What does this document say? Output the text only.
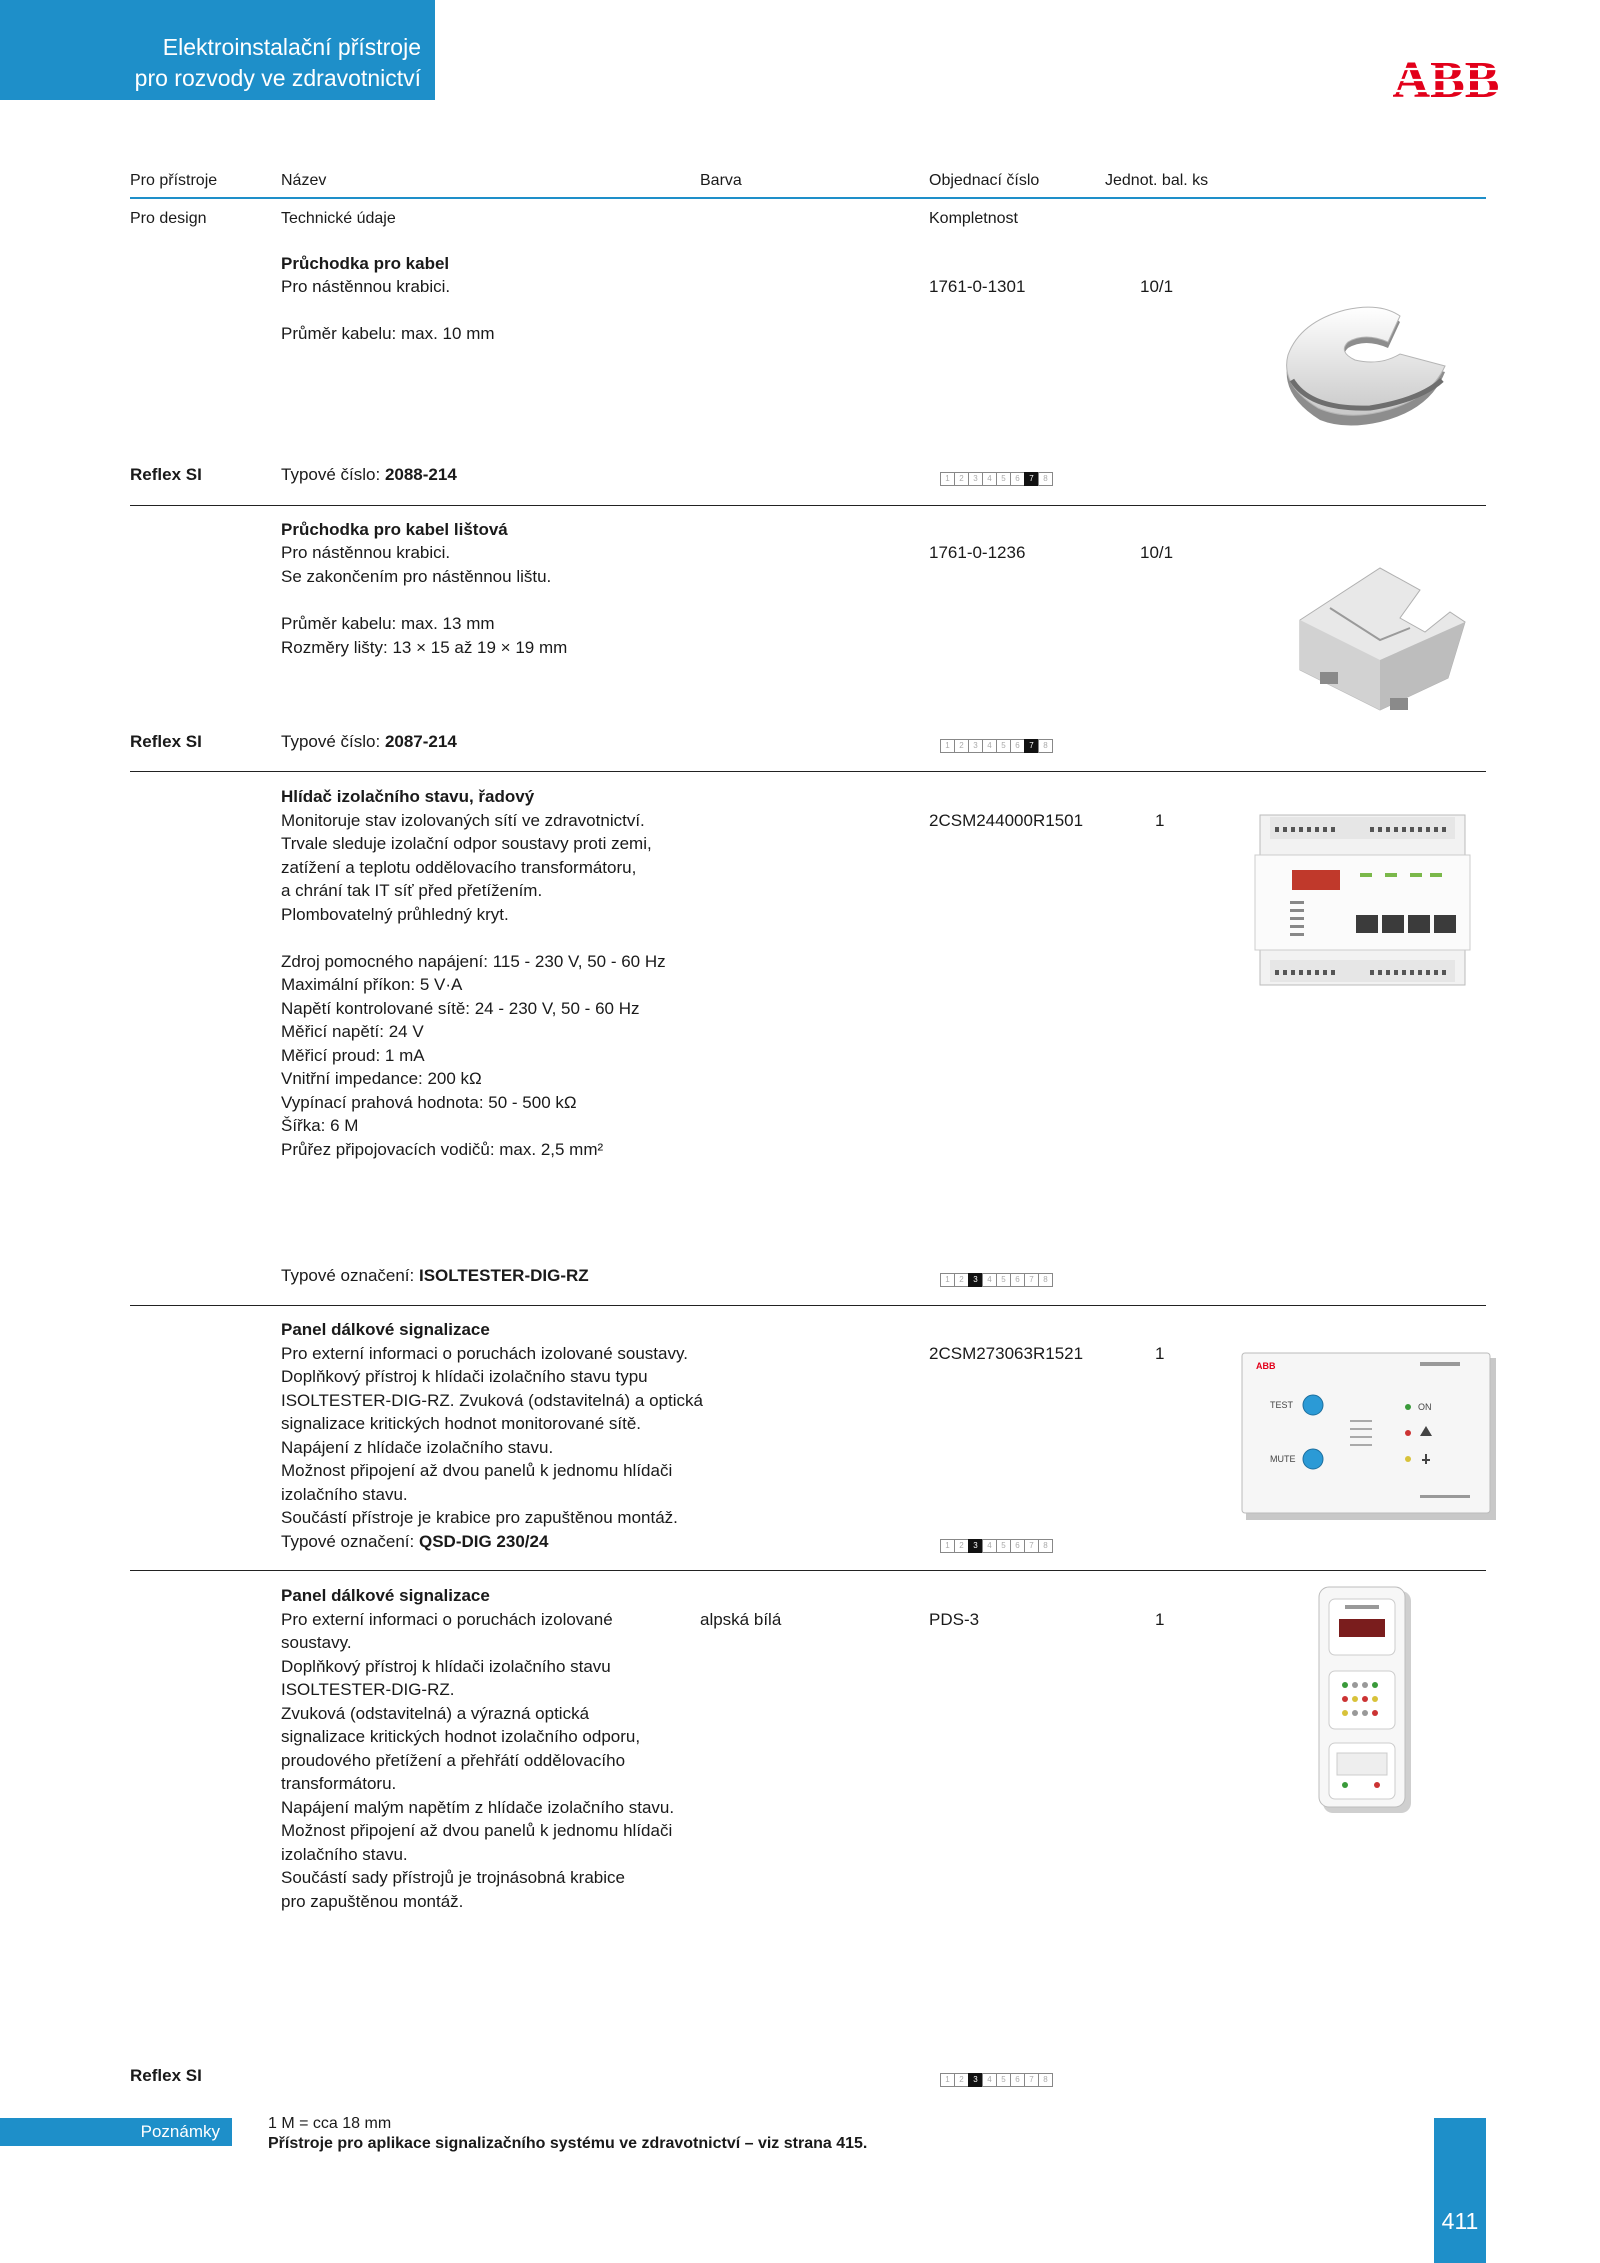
Elektroinstalační přístroje
pro rozvody ve zdravotnictví	ABB
Pro přístroje	Název	Barva	Objednací číslo	Jednot. bal. ks
Pro design	Technické údaje	Kompletnost
Průchodka pro kabel
Pro nástěnnou krabici.
Průměr kabelu: max. 10 mm
1761-0-1301	10/1
Reflex SI	Typové číslo: 2088-214	1	2	3	4	5	6	7	8
Průchodka pro kabel lištová
Pro nástěnnou krabici.
Se zakončením pro nástěnnou lištu.
Průměr kabelu: max. 13 mm
Rozměry lišty: 13 × 15 až 19 × 19 mm
1761-0-1236	10/1
Reflex SI	Typové číslo: 2087-214	1	2	3	4	5	6	7	8
Hlídač izolačního stavu, řadový
Monitoruje stav izolovaných sítí ve zdravotnictví.
Trvale sleduje izolační odpor soustavy proti zemi,
zatížení a teplotu oddělovacího transformátoru,
a chrání tak IT síť před přetížením.
Plombovatelný průhledný kryt.
Zdroj pomocného napájení: 115 - 230 V, 50 - 60 Hz
Maximální příkon: 5 V·A
Napětí kontrolované sítě: 24 - 230 V, 50 - 60 Hz
Měřicí napětí: 24 V
Měřicí proud: 1 mA
Vnitřní impedance: 200 kΩ
Vypínací prahová hodnota: 50 - 500 kΩ
Šířka: 6 M
Průřez připojovacích vodičů: max. 2,5 mm²
2CSM244000R1501	1
Typové označení: ISOLTESTER-DIG-RZ	1	2	3	4	5	6	7	8
Panel dálkové signalizace
Pro externí informaci o poruchách izolované soustavy.
Doplňkový přístroj k hlídači izolačního stavu typu
ISOLTESTER-DIG-RZ. Zvuková (odstavitelná) a optická
signalizace kritických hodnot monitorované sítě.
Napájení z hlídače izolačního stavu.
Možnost připojení až dvou panelů k jednomu hlídači
izolačního stavu.
Součástí přístroje je krabice pro zapuštěnou montáž.
2CSM273063R1521	1
ABB
TEST
MUTE
ON
Typové označení: QSD-DIG 230/24	1	2	3	4	5	6	7	8
Panel dálkové signalizace
Pro externí informaci o poruchách izolované
soustavy.
Doplňkový přístroj k hlídači izolačního stavu
ISOLTESTER-DIG-RZ.
Zvuková (odstavitelná) a výrazná optická
signalizace kritických hodnot izolačního odporu,
proudového přetížení a přehřátí oddělovacího
transformátoru.
Napájení malým napětím z hlídače izolačního stavu.
Možnost připojení až dvou panelů k jednomu hlídači
izolačního stavu.
Součástí sady přístrojů je trojnásobná krabice
pro zapuštěnou montáž.
alpská bílá	PDS-3	1
Reflex SI	1	2	3	4	5	6	7	8
Poznámky	1 M = cca 18 mm
Přístroje pro aplikace signalizačního systému ve zdravotnictví – viz strana 415.
411
